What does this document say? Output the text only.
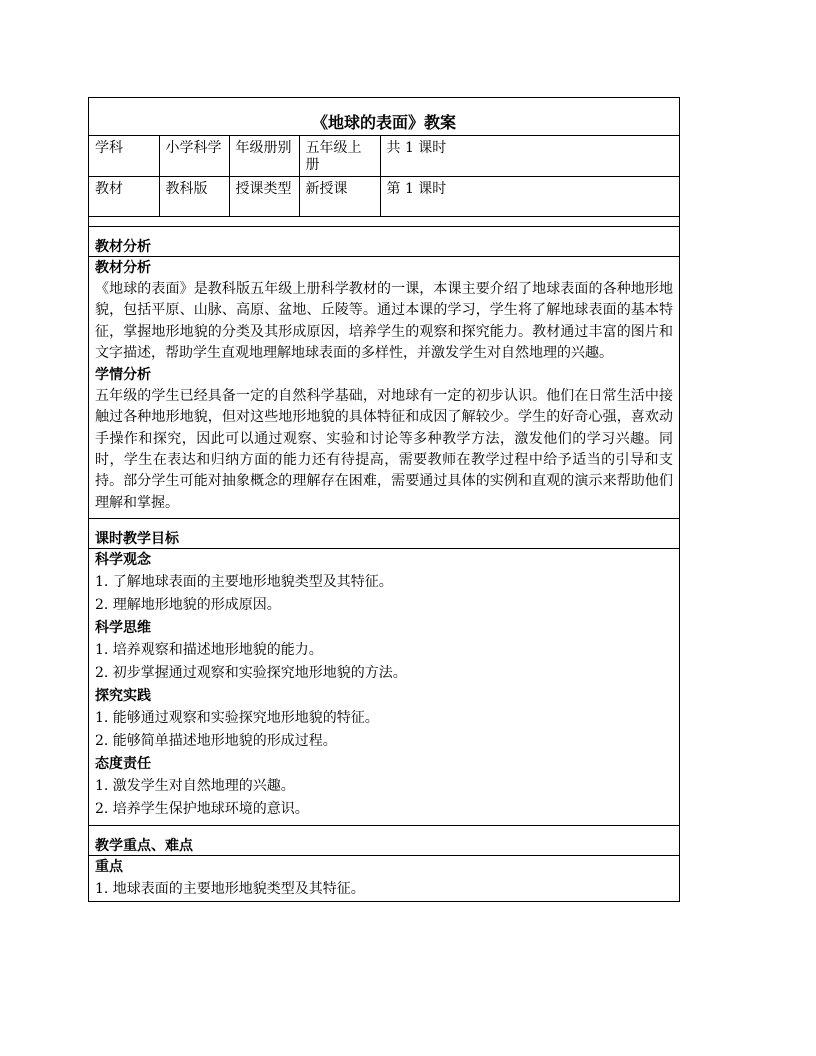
《地球的表面》教案
学科	小学科学	年级册别	五年级上册	共 1 课时
教材	教科版	授课类型	新授课	第 1 课时
教材分析
教材分析

《地球的表面》是教科版五年级上册科学教材的一课，本课主要介绍了地球表面的各种地形地貌，包括平原、山脉、高原、盆地、丘陵等。通过本课的学习，学生将了解地球表面的基本特征，掌握地形地貌的分类及其形成原因，培养学生的观察和探究能力。教材通过丰富的图片和文字描述，帮助学生直观地理解地球表面的多样性，并激发学生对自然地理的兴趣。

学情分析

五年级的学生已经具备一定的自然科学基础，对地球有一定的初步认识。他们在日常生活中接触过各种地形地貌，但对这些地形地貌的具体特征和成因了解较少。学生的好奇心强，喜欢动手操作和探究，因此可以通过观察、实验和讨论等多种教学方法，激发他们的学习兴趣。同时，学生在表达和归纳方面的能力还有待提高，需要教师在教学过程中给予适当的引导和支持。部分学生可能对抽象概念的理解存在困难，需要通过具体的实例和直观的演示来帮助他们理解和掌握。

课时教学目标
科学观念
1. 了解地球表面的主要地形地貌类型及其特征。
2. 理解地形地貌的形成原因。
科学思维
1. 培养观察和描述地形地貌的能力。
2. 初步掌握通过观察和实验探究地形地貌的方法。
探究实践
1. 能够通过观察和实验探究地形地貌的特征。
2. 能够简单描述地形地貌的形成过程。
态度责任
1. 激发学生对自然地理的兴趣。
2. 培养学生保护地球环境的意识。
教学重点、难点
重点
1. 地球表面的主要地形地貌类型及其特征。
